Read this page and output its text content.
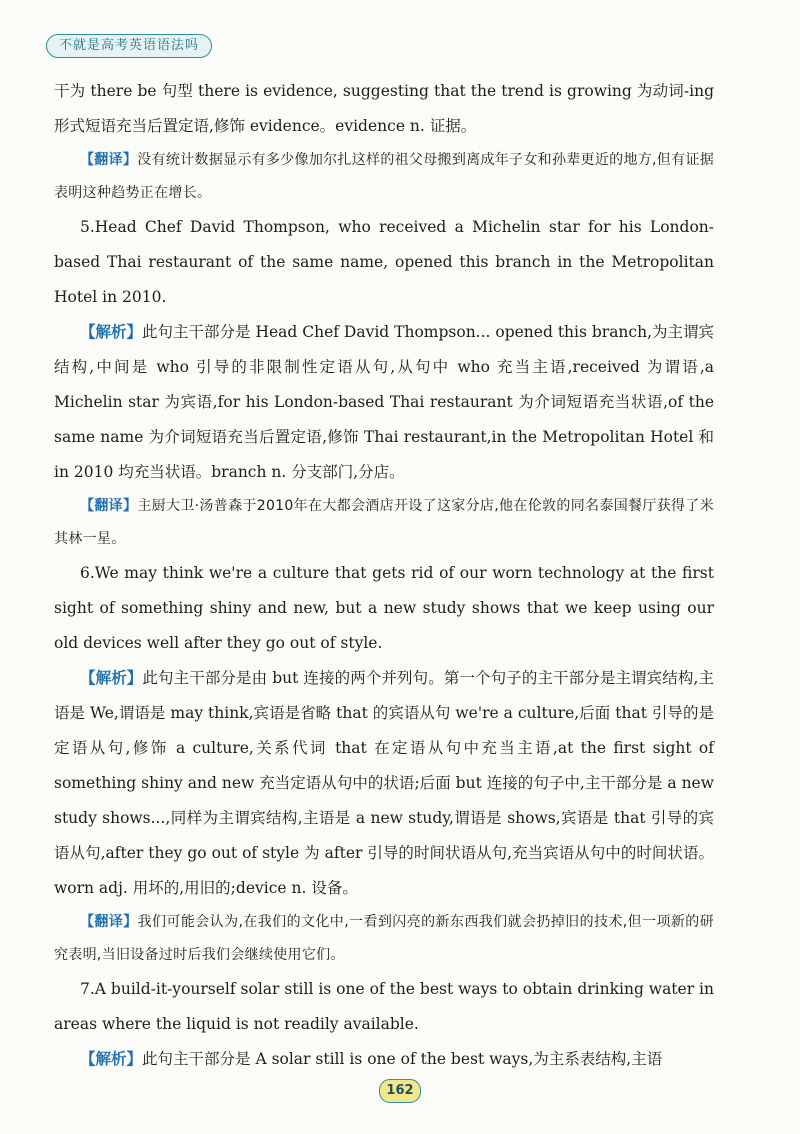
不就是高考英语语法吗

干为 there be 句型 there is evidence, suggesting that the trend is growing 为动词-ing 形式短语充当后置定语,修饰 evidence。evidence n. 证据。

【翻译】没有统计数据显示有多少像加尔扎这样的祖父母搬到离成年子女和孙辈更近的地方,但有证据表明这种趋势正在增长。

5.Head Chef David Thompson, who received a Michelin star for his London-based Thai restaurant of the same name, opened this branch in the Metropolitan Hotel in 2010.

【解析】此句主干部分是 Head Chef David Thompson... opened this branch,为主谓宾结构,中间是 who 引导的非限制性定语从句,从句中 who 充当主语,received 为谓语,a Michelin star 为宾语,for his London-based Thai restaurant 为介词短语充当状语,of the same name 为介词短语充当后置定语,修饰 Thai restaurant,in the Metropolitan Hotel 和 in 2010 均充当状语。branch n. 分支部门,分店。

【翻译】主厨大卫·汤普森于2010年在大都会酒店开设了这家分店,他在伦敦的同名泰国餐厅获得了米其林一星。

6.We may think we're a culture that gets rid of our worn technology at the first sight of something shiny and new, but a new study shows that we keep using our old devices well after they go out of style.

【解析】此句主干部分是由 but 连接的两个并列句。第一个句子的主干部分是主谓宾结构,主语是 We,谓语是 may think,宾语是省略 that 的宾语从句 we're a culture,后面 that 引导的是定语从句,修饰 a culture,关系代词 that 在定语从句中充当主语,at the first sight of something shiny and new 充当定语从句中的状语;后面 but 连接的句子中,主干部分是 a new study shows...,同样为主谓宾结构,主语是 a new study,谓语是 shows,宾语是 that 引导的宾语从句,after they go out of style 为 after 引导的时间状语从句,充当宾语从句中的时间状语。worn adj. 用坏的,用旧的;device n. 设备。

【翻译】我们可能会认为,在我们的文化中,一看到闪亮的新东西我们就会扔掉旧的技术,但一项新的研究表明,当旧设备过时后我们会继续使用它们。

7.A build-it-yourself solar still is one of the best ways to obtain drinking water in areas where the liquid is not readily available.

【解析】此句主干部分是 A solar still is one of the best ways,为主系表结构,主语

162
